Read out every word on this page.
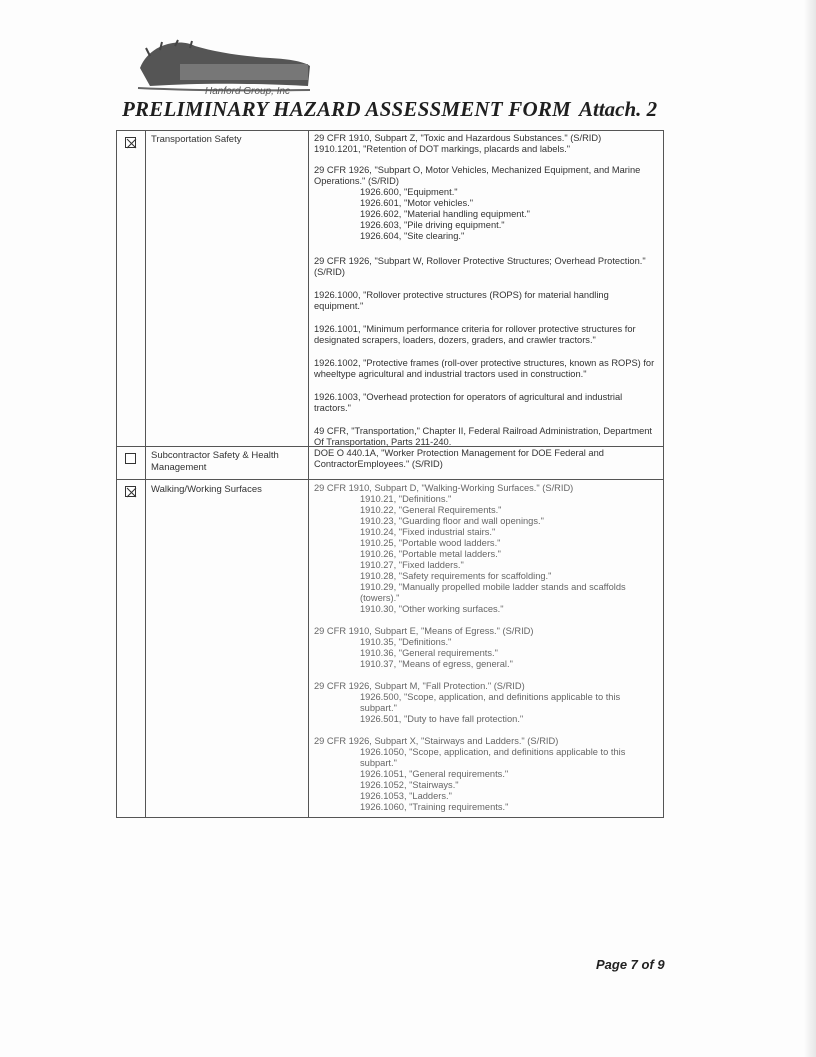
Hanford Group, Inc
PRELIMINARY HAZARD ASSESSMENT FORM Attach. 2
Transportation Safety	29 CFR 1910, Subpart Z, "Toxic and Hazardous Substances." (S/RID)
1910.1201, "Retention of DOT markings, placards and labels."
29 CFR 1926, "Subpart O, Motor Vehicles, Mechanized Equipment, and Marine Operations." (S/RID)
1926.600, "Equipment."
1926.601, "Motor vehicles."
1926.602, "Material handling equipment."
1926.603, "Pile driving equipment."
1926.604, "Site clearing."
29 CFR 1926, "Subpart W, Rollover Protective Structures; Overhead Protection."(S/RID)
1926.1000, "Rollover protective structures (ROPS) for material handling equipment."
1926.1001, "Minimum performance criteria for rollover protective structures for designated scrapers, loaders, dozers, graders, and crawler tractors."
1926.1002, "Protective frames (roll-over protective structures, known as ROPS) for wheeltype agricultural and industrial tractors used in construction."
1926.1003, "Overhead protection for operators of agricultural and industrial tractors."
49 CFR, "Transportation," Chapter II, Federal Railroad Administration, Department Of Transportation, Parts 211-240.
Subcontractor Safety & Health Management
DOE O 440.1A, "Worker Protection Management for DOE Federal and ContractorEmployees." (S/RID)
Walking/Working Surfaces	29 CFR 1910, Subpart D, "Walking-Working Surfaces." (S/RID)
1910.21, "Definitions."
1910.22, "General Requirements."
1910.23, "Guarding floor and wall openings."
1910.24, "Fixed industrial stairs."
1910.25, "Portable wood ladders."
1910.26, "Portable metal ladders."
1910.27, "Fixed ladders."
1910.28, "Safety requirements for scaffolding."
1910.29, "Manually propelled mobile ladder stands and scaffolds (towers)."
1910.30, "Other working surfaces."
29 CFR 1910, Subpart E, "Means of Egress." (S/RID)
1910.35, "Definitions."
1910.36, "General requirements."
1910.37, "Means of egress, general."
29 CFR 1926, Subpart M, "Fall Protection." (S/RID)
1926.500, "Scope, application, and definitions applicable to this subpart."
1926.501, "Duty to have fall protection."
29 CFR 1926, Subpart X, "Stairways and Ladders." (S/RID)
1926.1050, "Scope, application, and definitions applicable to this subpart."
1926.1051, "General requirements."
1926.1052, "Stairways."
1926.1053, "Ladders."
1926.1060, "Training requirements."
Page 7 of 9
